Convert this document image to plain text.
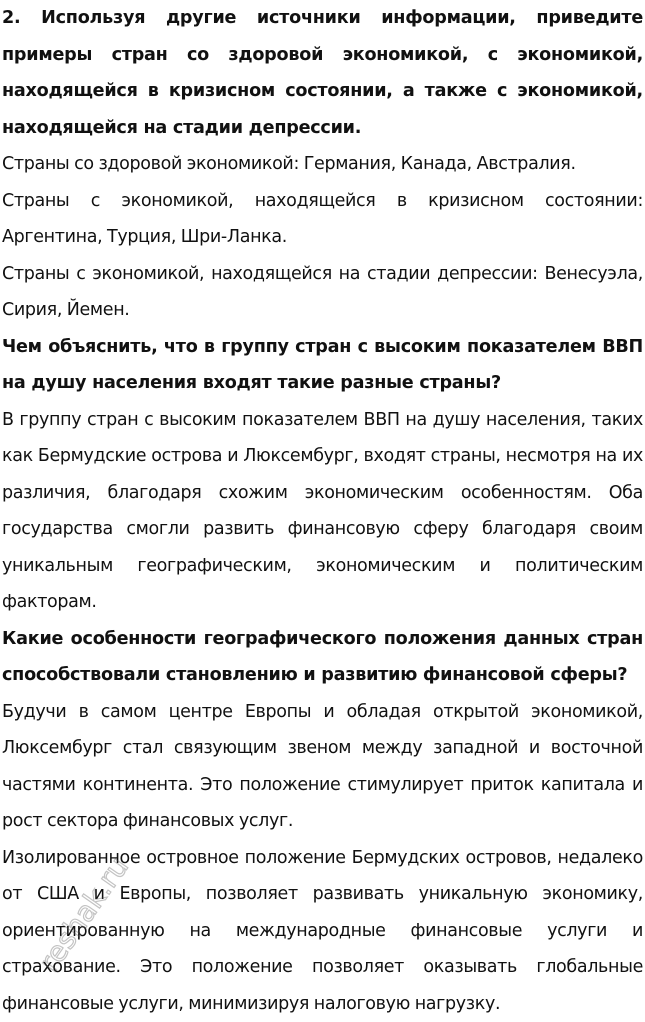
2. Используя другие источники информации, приведите примеры стран со здоровой экономикой, с экономикой, находящейся в кризисном состоянии, а также с экономикой, находящейся на стадии депрессии.

Страны со здоровой экономикой: Германия, Канада, Австралия.

Страны с экономикой, находящейся в кризисном состоянии: Аргентина, Турция, Шри-Ланка.

Страны с экономикой, находящейся на стадии депрессии: Венесуэла, Сирия, Йемен.

Чем объяснить, что в группу стран с высоким показателем ВВП на душу населения входят такие разные страны?

В группу стран с высоким показателем ВВП на душу населения, таких как Бермудские острова и Люксембург, входят страны, несмотря на их различия, благодаря схожим экономическим особенностям. Оба государства смогли развить финансовую сферу благодаря своим уникальным географическим, экономическим и политическим факторам.

Какие особенности географического положения данных стран способствовали становлению и развитию финансовой сферы?

Будучи в самом центре Европы и обладая открытой экономикой, Люксембург стал связующим звеном между западной и восточной частями континента. Это положение стимулирует приток капитала и рост сектора финансовых услуг.

Изолированное островное положение Бермудских островов, недалеко от США и Европы, позволяет развивать уникальную экономику, ориентированную на международные финансовые услуги и страхование. Это положение позволяет оказывать глобальные финансовые услуги, минимизируя налоговую нагрузку.

reshak.ru
